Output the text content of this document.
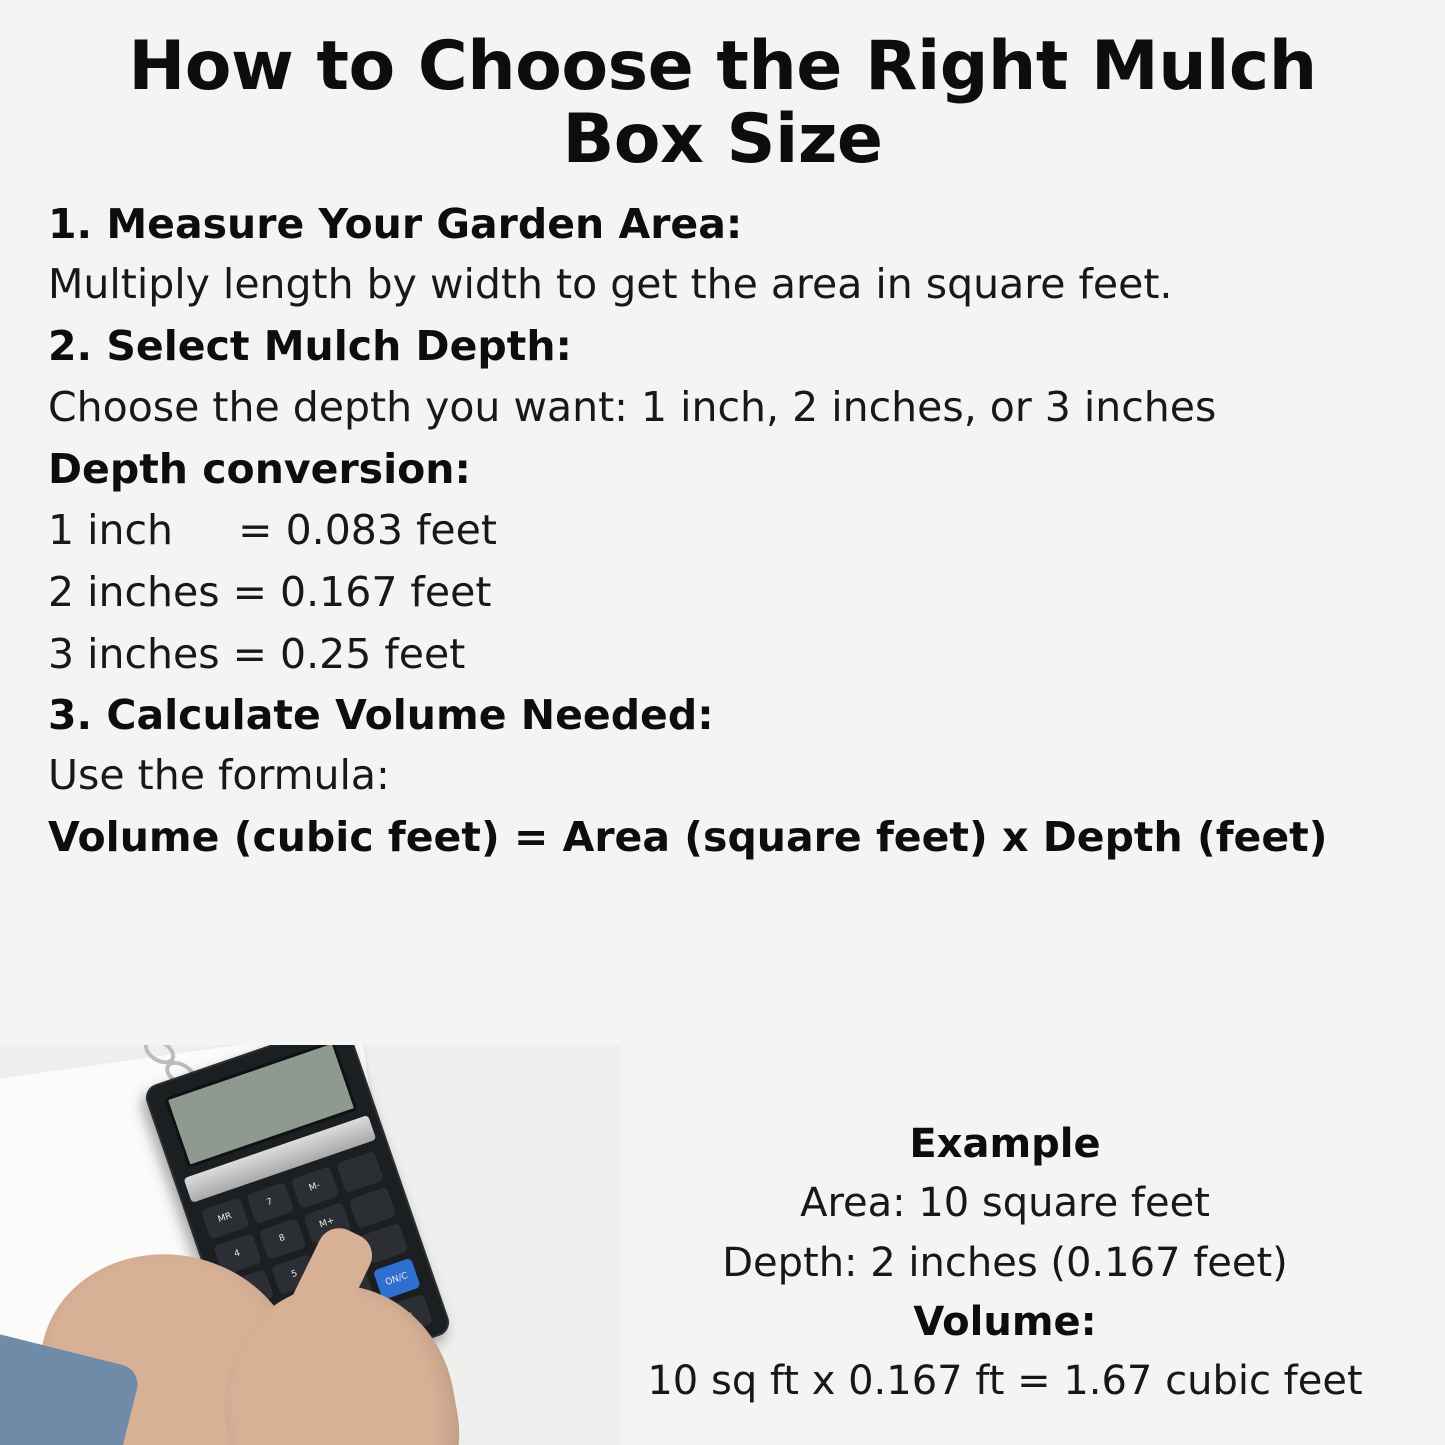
How to Choose the Right Mulch Box Size
1. Measure Your Garden Area:
Multiply length by width to get the area in square feet.
2. Select Mulch Depth:
Choose the depth you want: 1 inch, 2 inches, or 3 inches
Depth conversion:
1 inch     = 0.083 feet
2 inches = 0.167 feet
3 inches = 0.25 feet
3. Calculate Volume Needed:
Use the formula:
Volume (cubic feet) = Area (square feet) x Depth (feet)
MR
7
M-
4
8
M+
5	ON/C
Example
Area: 10 square feet
Depth: 2 inches (0.167 feet)
Volume:
10 sq ft x 0.167 ft = 1.67 cubic feet
